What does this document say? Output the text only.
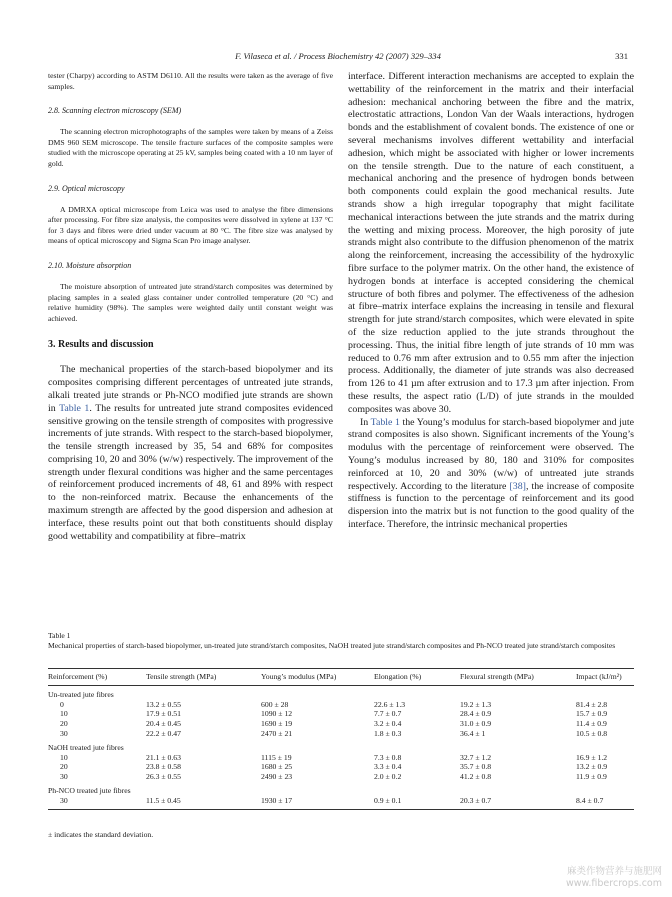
F. Vilaseca et al. / Process Biochemistry 42 (2007) 329–334	331

tester (Charpy) according to ASTM D6110. All the results were taken as the average of five samples.

2.8. Scanning electron microscopy (SEM)

The scanning electron microphotographs of the samples were taken by means of a Zeiss DMS 960 SEM microscope. The tensile fracture surfaces of the composite samples were studied with the microscope operating at 25 kV, samples being coated with a 10 nm layer of gold.

2.9. Optical microscopy

A DMRXA optical microscope from Leica was used to analyse the fibre dimensions after processing. For fibre size analysis, the composites were dissolved in xylene at 137 °C for 3 days and fibres were dried under vacuum at 80 °C. The fibre size was analysed by means of optical microscopy and Sigma Scan Pro image analyser.

2.10. Moisture absorption

The moisture absorption of untreated jute strand/starch composites was determined by placing samples in a sealed glass container under controlled temperature (20 °C) and relative humidity (98%). The samples were weighted daily until constant weight was achieved.

3. Results and discussion

The mechanical properties of the starch-based biopolymer and its composites comprising different percentages of untreated jute strands, alkali treated jute strands or Ph-NCO modified jute strands are shown in Table 1. The results for untreated jute strand composites evidenced sensitive growing on the tensile strength of composites with progressive increments of jute strands. With respect to the starch-based biopolymer, the tensile strength increased by 35, 54 and 68% for composites comprising 10, 20 and 30% (w/w) respectively. The improvement of the strength under flexural conditions was higher and the same percentages of reinforcement produced increments of 48, 61 and 89% with respect to the non-reinforced matrix. Because the enhancements of the maximum strength are affected by the good dispersion and adhesion at interface, these results point out that both constituents should display good wettability and compatibility at fibre–matrix

interface. Different interaction mechanisms are accepted to explain the wettability of the reinforcement in the matrix and their interfacial adhesion: mechanical anchoring between the fibre and the matrix, electrostatic attractions, London Van der Waals interactions, hydrogen bonds and the establishment of covalent bonds. The existence of one or several mechanisms involves different wettability and interfacial adhesion, which might be associated with higher or lower increments on the tensile strength. Due to the nature of each constituent, a mechanical anchoring and the presence of hydrogen bonds between both components could explain the good mechanical results. Jute strands show a high irregular topography that might facilitate mechanical interactions between the jute strands and the matrix during the wetting and mixing process. Moreover, the high porosity of jute strands might also contribute to the diffusion phenomenon of the matrix along the reinforcement, increasing the accessibility of the hydroxylic fibre surface to the polymer matrix. On the other hand, the existence of hydrogen bonds at interface is accepted considering the chemical structure of both fibres and polymer. The effectiveness of the adhesion at fibre–matrix interface explains the increasing in tensile and flexural strength for jute strand/starch composites, which were elevated in spite of the size reduction applied to the jute strands throughout the processing. Thus, the initial fibre length of jute strands of 10 mm was reduced to 0.76 mm after extrusion and to 0.55 mm after the injection process. Additionally, the diameter of jute strands was also decreased from 126 to 41 µm after extrusion and to 17.3 µm after injection. From these results, the aspect ratio (L/D) of jute strands in the moulded composites was above 30.

In Table 1 the Young’s modulus for starch-based biopolymer and jute strand composites is also shown. Significant increments of the Young’s modulus with the percentage of reinforcement were observed. The Young’s modulus increased by 80, 180 and 310% for composites reinforced at 10, 20 and 30% (w/w) of untreated jute strands respectively. According to the literature [38], the increase of composite stiffness is function to the percentage of reinforcement and its good dispersion into the matrix but is not function to the good quality of the interface. Therefore, the intrinsic mechanical properties

Table 1
Mechanical properties of starch-based biopolymer, un-treated jute strand/starch composites, NaOH treated jute strand/starch composites and Ph-NCO treated jute strand/starch composites
Reinforcement (%)	Tensile strength (MPa)	Young’s modulus (MPa)	Elongation (%)	Flexural strength (MPa)	Impact (kJ/m²)
Un-treated jute fibres					
0	13.2 ± 0.55	600 ± 28	22.6 ± 1.3	19.2 ± 1.3	81.4 ± 2.8
10	17.9 ± 0.51	1090 ± 12	7.7 ± 0.7	28.4 ± 0.9	15.7 ± 0.9
20	20.4 ± 0.45	1690 ± 19	3.2 ± 0.4	31.0 ± 0.9	11.4 ± 0.9
30	22.2 ± 0.47	2470 ± 21	1.8 ± 0.3	36.4 ± 1	10.5 ± 0.8
NaOH treated jute fibres					
10	21.1 ± 0.63	1115 ± 19	7.3 ± 0.8	32.7 ± 1.2	16.9 ± 1.2
20	23.8 ± 0.58	1680 ± 25	3.3 ± 0.4	35.7 ± 0.8	13.2 ± 0.9
30	26.3 ± 0.55	2490 ± 23	2.0 ± 0.2	41.2 ± 0.8	11.9 ± 0.9
Ph-NCO treated jute fibres					
30	11.5 ± 0.45	1930 ± 17	0.9 ± 0.1	20.3 ± 0.7	8.4 ± 0.7
± indicates the standard deviation.
麻类作物营养与施肥网
www.fibercrops.com
